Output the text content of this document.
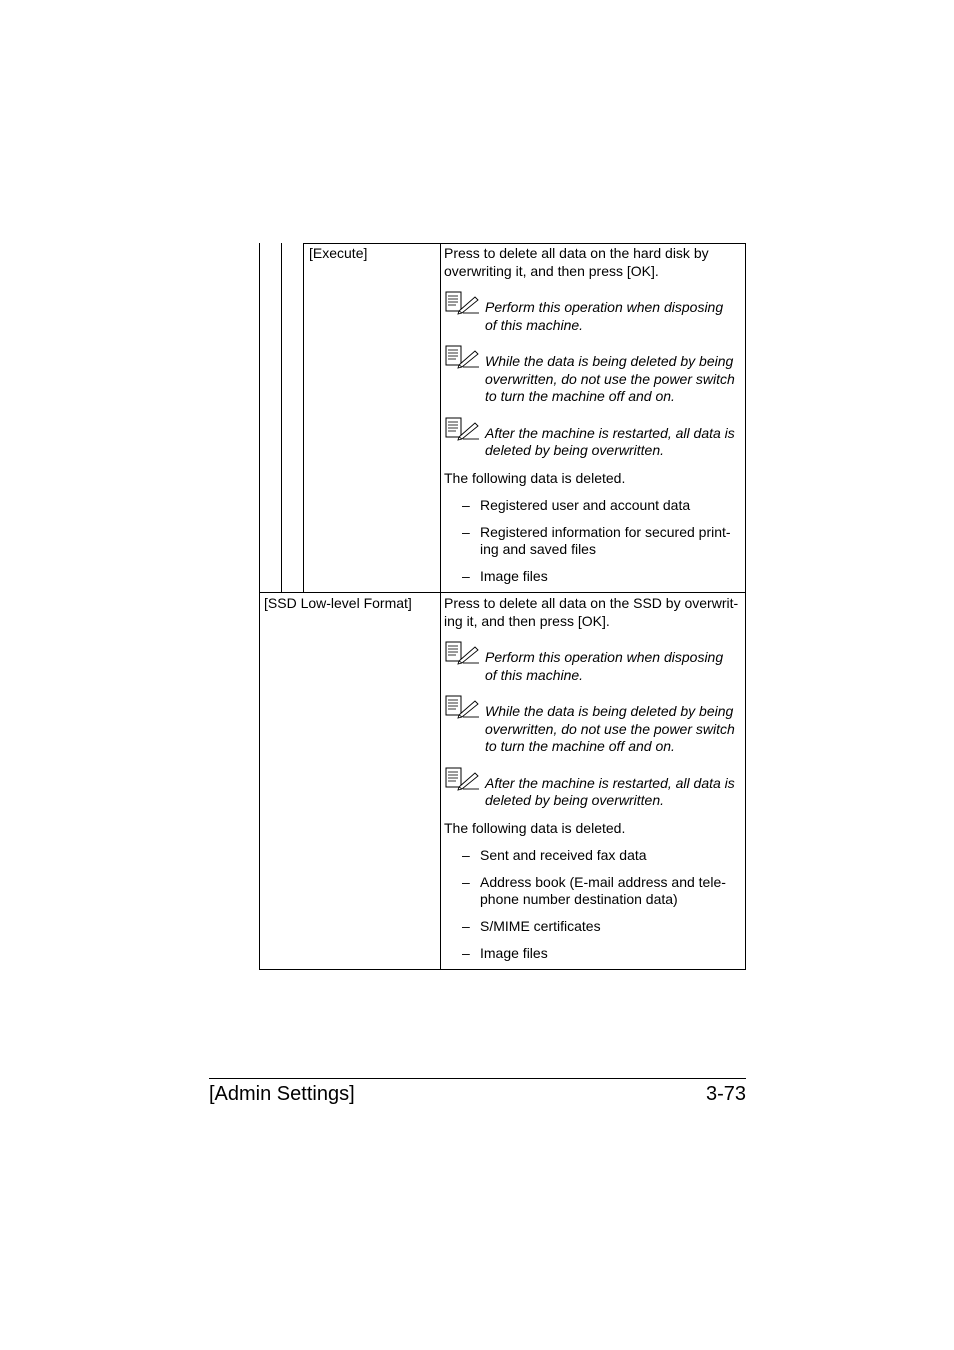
[Execute]	Press to delete all data on the hard disk by
overwriting it, and then press [OK].

Perform this operation when disposing
of this machine.
While the data is being deleted by being
overwritten, do not use the power switch
to turn the machine off and on.
After the machine is restarted, all data is
deleted by being overwritten.

The following data is deleted.

– Registered user and account data
– Registered information for secured print-
ing and saved files
– Image files
[SSD Low-level Format] Press to delete all data on the SSD by overwrit-
ing it, and then press [OK].

Perform this operation when disposing
of this machine.
While the data is being deleted by being
overwritten, do not use the power switch
to turn the machine off and on.
After the machine is restarted, all data is
deleted by being overwritten.

The following data is deleted.

– Sent and received fax data
– Address book (E-mail address and tele-
phone number destination data)
– S/MIME certificates
– Image files
[Admin Settings]	3-73
